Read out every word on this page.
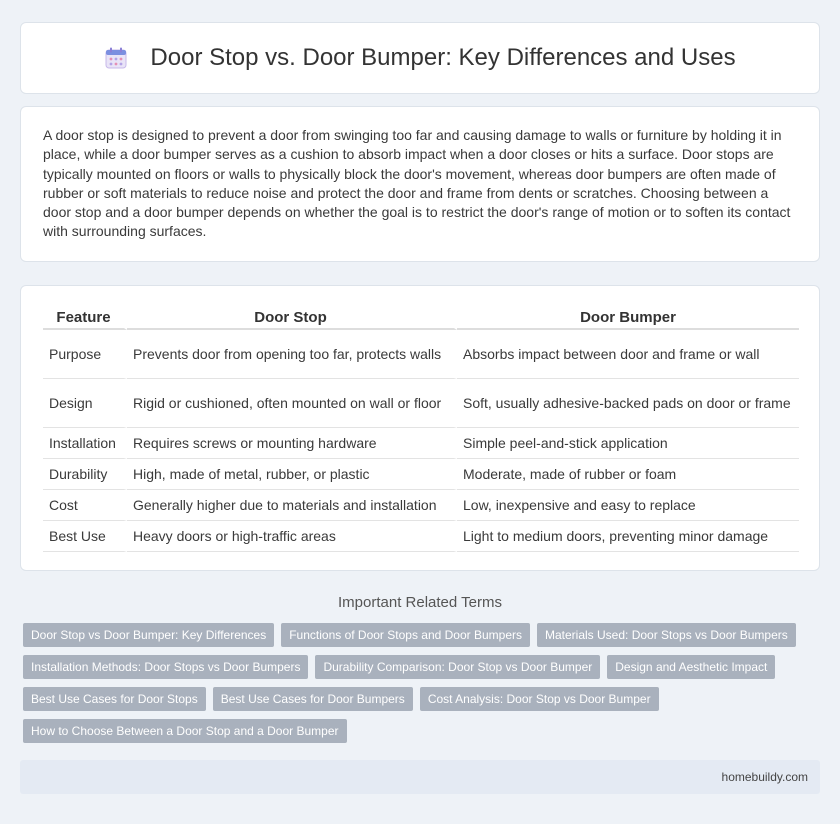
Door Stop vs. Door Bumper: Key Differences and Uses

A door stop is designed to prevent a door from swinging too far and causing damage to walls or furniture by holding it in place, while a door bumper serves as a cushion to absorb impact when a door closes or hits a surface. Door stops are typically mounted on floors or walls to physically block the door's movement, whereas door bumpers are often made of rubber or soft materials to reduce noise and protect the door and frame from dents or scratches. Choosing between a door stop and a door bumper depends on whether the goal is to restrict the door's range of motion or to soften its contact with surrounding surfaces.

Feature	Door Stop	Door Bumper
Purpose	Prevents door from opening too far, protects walls	Absorbs impact between door and frame or wall
Design	Rigid or cushioned, often mounted on wall or floor	Soft, usually adhesive-backed pads on door or frame
Installation	Requires screws or mounting hardware	Simple peel-and-stick application
Durability	High, made of metal, rubber, or plastic	Moderate, made of rubber or foam
Cost	Generally higher due to materials and installation	Low, inexpensive and easy to replace
Best Use	Heavy doors or high-traffic areas	Light to medium doors, preventing minor damage
Important Related Terms
Door Stop vs Door Bumper: Key Differences	Functions of Door Stops and Door Bumpers	Materials Used: Door Stops vs Door Bumpers
Installation Methods: Door Stops vs Door Bumpers	Durability Comparison: Door Stop vs Door Bumper	Design and Aesthetic Impact
Best Use Cases for Door Stops	Best Use Cases for Door Bumpers	Cost Analysis: Door Stop vs Door Bumper
How to Choose Between a Door Stop and a Door Bumper
homebuildy.com
